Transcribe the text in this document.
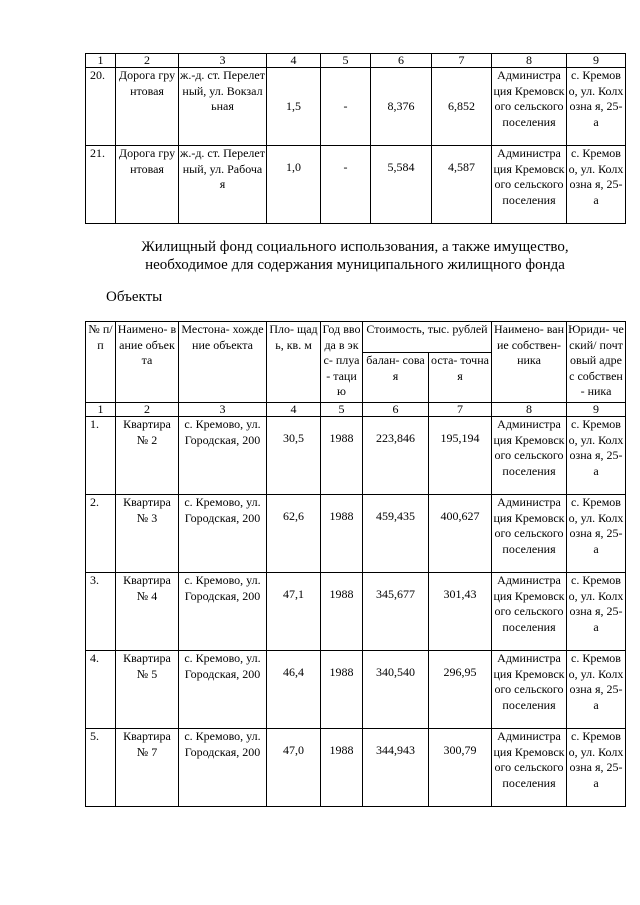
1	2	3	4	5	6	7	8	9
20.	Дорога грунтовая	ж.-д. ст. Перелетный, ул. Вокзальная	1,5	-	8,376	6,852	Администра ция Кремовского сельского поселения	с. Кремово, ул. Колхозна я, 25-а
21.	Дорога грунтовая	ж.-д. ст. Перелетный, ул. Рабочая	1,0	-	5,584	4,587	Администра ция Кремовского сельского поселения	с. Кремово, ул. Колхозна я, 25-а
Жилищный фонд социального использования, а также имущество,
необходимое для содержания муниципального жилищного фонда
Объекты
№ п/п	Наимено- вание объекта	Местона- хождение объекта	Пло- щадь, кв. м	Год ввода в экс- плуа- тацию	Стоимость, тыс. рублей		Наимено- вание собствен- ника	Юриди- ческий/ почтовый адрес собствен- ника

					балан- совая	оста- точная		
1	2	3	4	5	6	7	8	9
1.	Квартира № 2	с. Кремово, ул. Городская, 200	30,5	1988	223,846	195,194	Администра ция Кремовского сельского поселения	с. Кремово, ул. Колхозна я, 25-а
2.	Квартира № 3	с. Кремово, ул. Городская, 200	62,6	1988	459,435	400,627	Администра ция Кремовского сельского поселения	с. Кремово, ул. Колхозна я, 25-а
3.	Квартира № 4	с. Кремово, ул. Городская, 200	47,1	1988	345,677	301,43	Администра ция Кремовского сельского поселения	с. Кремово, ул. Колхозна я, 25-а
4.	Квартира № 5	с. Кремово, ул. Городская, 200	46,4	1988	340,540	296,95	Администра ция Кремовского сельского поселения	с. Кремово, ул. Колхозна я, 25-а
5.	Квартира № 7	с. Кремово, ул. Городская, 200	47,0	1988	344,943	300,79	Администра ция Кремовского сельского поселения	с. Кремово, ул. Колхозна я, 25-а
